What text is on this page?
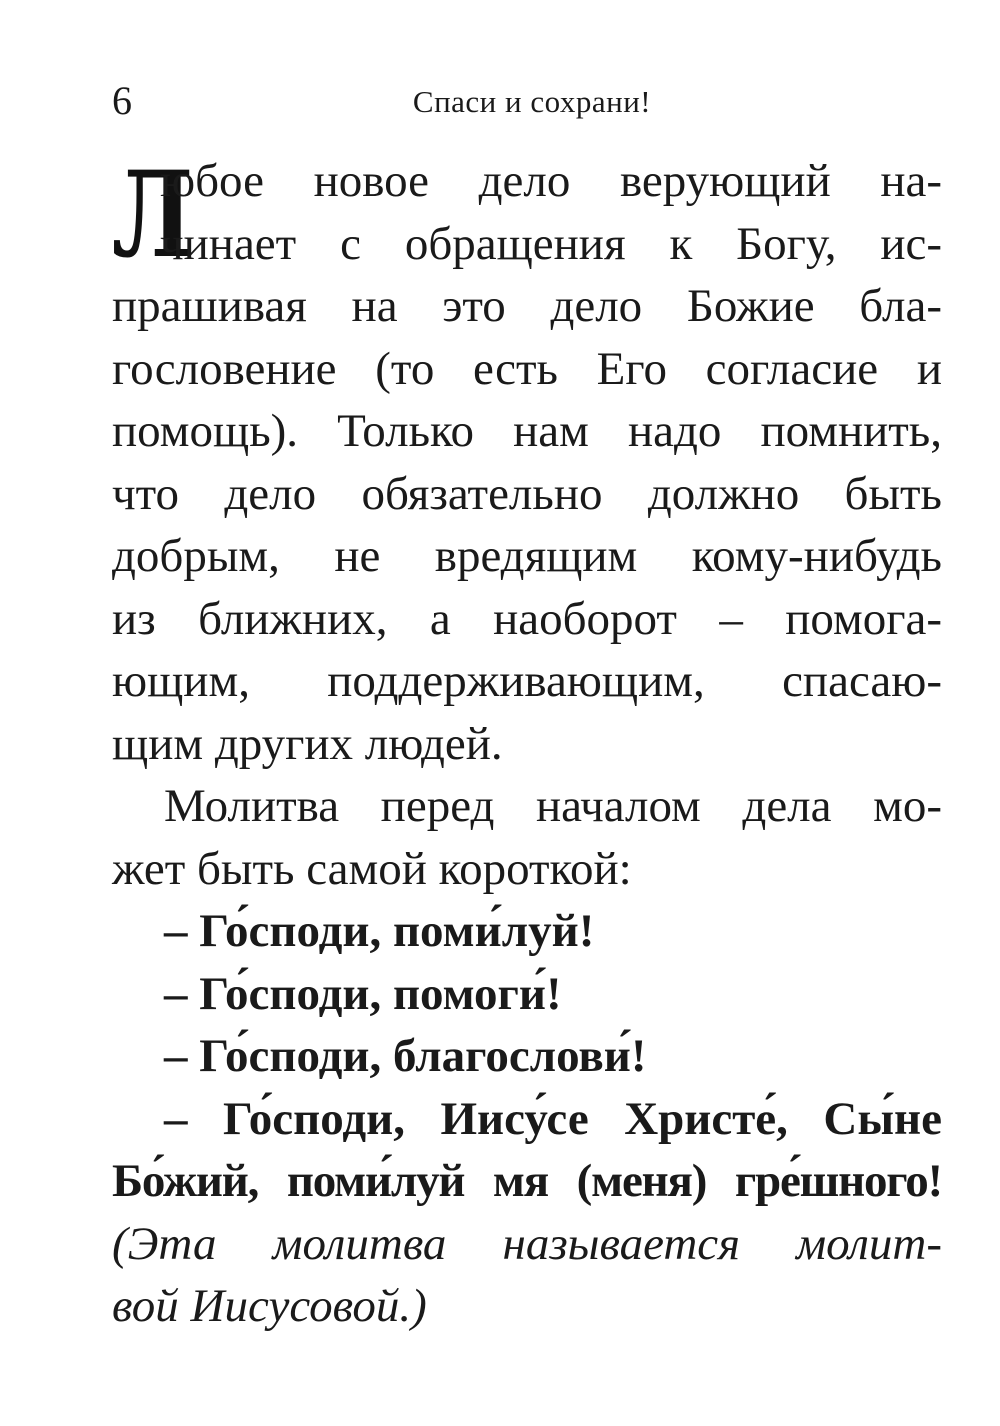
6	Спаси и сохрани!
Л
юбое новое дело верующий на-
чинает с обращения к Богу, ис-
прашивая на это дело Божие бла-
гословение (то есть Его согласие и
помощь). Только нам надо помнить,
что дело обязательно должно быть
добрым, не вредящим кому-нибудь
из ближних, а наоборот – помога-
ющим, поддерживающим, спасаю-
щим других людей.
Молитва перед началом дела мо-
жет быть самой короткой:
– Го́споди, поми́луй!
– Го́споди, помоги́!
– Го́споди, благослови́!
– Го́споди, Иису́се Христе́, Сы́не
Бо́жий, поми́луй мя (меня) гре́шного!
(Эта молитва называется молит-
вой Иисусовой.)
